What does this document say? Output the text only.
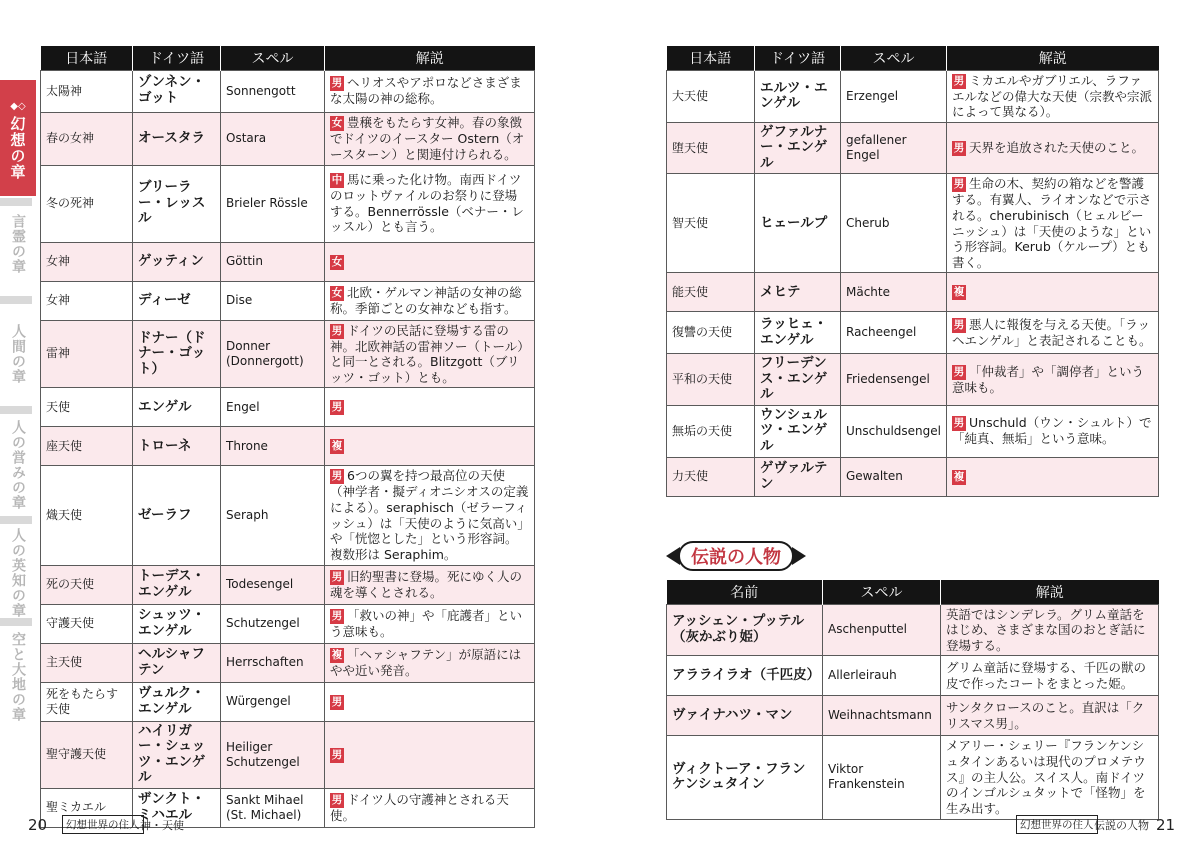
◆◇
幻想の章
言霊の章
人間の章
人の営みの章
人の英知の章
空と大地の章
日本語	ドイツ語	スペル	解説
太陽神	ゾンネン・ゴット	Sonnengott	男 ヘリオスやアポロなどさまざまな太陽の神の総称。
春の女神	オースタラ	Ostara	女 豊穣をもたらす女神。春の象徴でドイツのイースター Ostern（オースターン）と関連付けられる。
冬の死神	ブリーラー・レッスル	Brieler Rössle	中 馬に乗った化け物。南西ドイツのロットヴァイルのお祭りに登場する。Bennerrössle（ベナー・レッスル）とも言う。
女神	ゲッティン	Göttin	女
女神	ディーゼ	Dise	女 北欧・ゲルマン神話の女神の総称。季節ごとの女神なども指す。
雷神	ドナー（ドナー・ゴット）	Donner (Donnergott)	男 ドイツの民話に登場する雷の神。北欧神話の雷神ソー（トール）と同一とされる。Blitzgott（ブリッツ・ゴット）とも。
天使	エンゲル	Engel	男
座天使	トローネ	Throne	複
熾天使	ゼーラフ	Seraph	男 6つの翼を持つ最高位の天使（神学者・擬ディオニシオスの定義による）。seraphisch（ゼラーフィッシュ）は「天使のように気高い」や「恍惚とした」という形容詞。複数形は Seraphim。
死の天使	トーデス・エンゲル	Todesengel	男 旧約聖書に登場。死にゆく人の魂を導くとされる。
守護天使	シュッツ・エンゲル	Schutzengel	男 「救いの神」や「庇護者」という意味も。
主天使	ヘルシャフテン	Herrschaften	複 「ヘァシャフテン」が原語にはやや近い発音。
死をもたらす天使	ヴュルク・エンゲル	Würgengel	男
聖守護天使	ハイリガー・シュッツ・エンゲル	Heiliger Schutzengel	男
聖ミカエル	ザンクト・ミハエル	Sankt Mihael (St. Michael)	男 ドイツ人の守護神とされる天使。
日本語	ドイツ語	スペル	解説
大天使	エルツ・エンゲル	Erzengel	男 ミカエルやガブリエル、ラファエルなどの偉大な天使（宗教や宗派によって異なる）。
堕天使	ゲファルナー・エンゲル	gefallener Engel	男 天界を追放された天使のこと。
智天使	ヒェールプ	Cherub	男 生命の木、契約の箱などを警護する。有翼人、ライオンなどで示される。cherubinisch（ヒェルビーニッシュ）は「天使のような」という形容詞。Kerub（ケループ）とも書く。
能天使	メヒテ	Mächte	複
復讐の天使	ラッヒェ・エンゲル	Racheengel	男 悪人に報復を与える天使。「ラッヘエンゲル」と表記されることも。
平和の天使	フリーデンス・エンゲル	Friedensengel	男 「仲裁者」や「調停者」という意味も。
無垢の天使	ウンシュルツ・エンゲル	Unschuldsengel	男 Unschuld（ウン・シュルト）で「純真、無垢」という意味。
力天使	ゲヴァルテン	Gewalten	複
伝説の人物
名前	スペル	解説
アッシェン・プッテル（灰かぶり姫）	Aschenputtel	英語ではシンデレラ。グリム童話をはじめ、さまざまな国のおとぎ話に登場する。
アラライラオ（千匹皮）	Allerleirauh	グリム童話に登場する、千匹の獣の皮で作ったコートをまとった姫。
ヴァイナハツ・マン	Weihnachtsmann	サンタクロースのこと。直訳は「クリスマス男」。
ヴィクトーア・フランケンシュタイン	Viktor Frankenstein	メアリー・シェリー『フランケンシュタインあるいは現代のプロメテウス』の主人公。スイス人。南ドイツのインゴルシュタットで「怪物」を生み出す。
20	幻想世界の住人 神・天使	幻想世界の住人 伝説の人物 21
